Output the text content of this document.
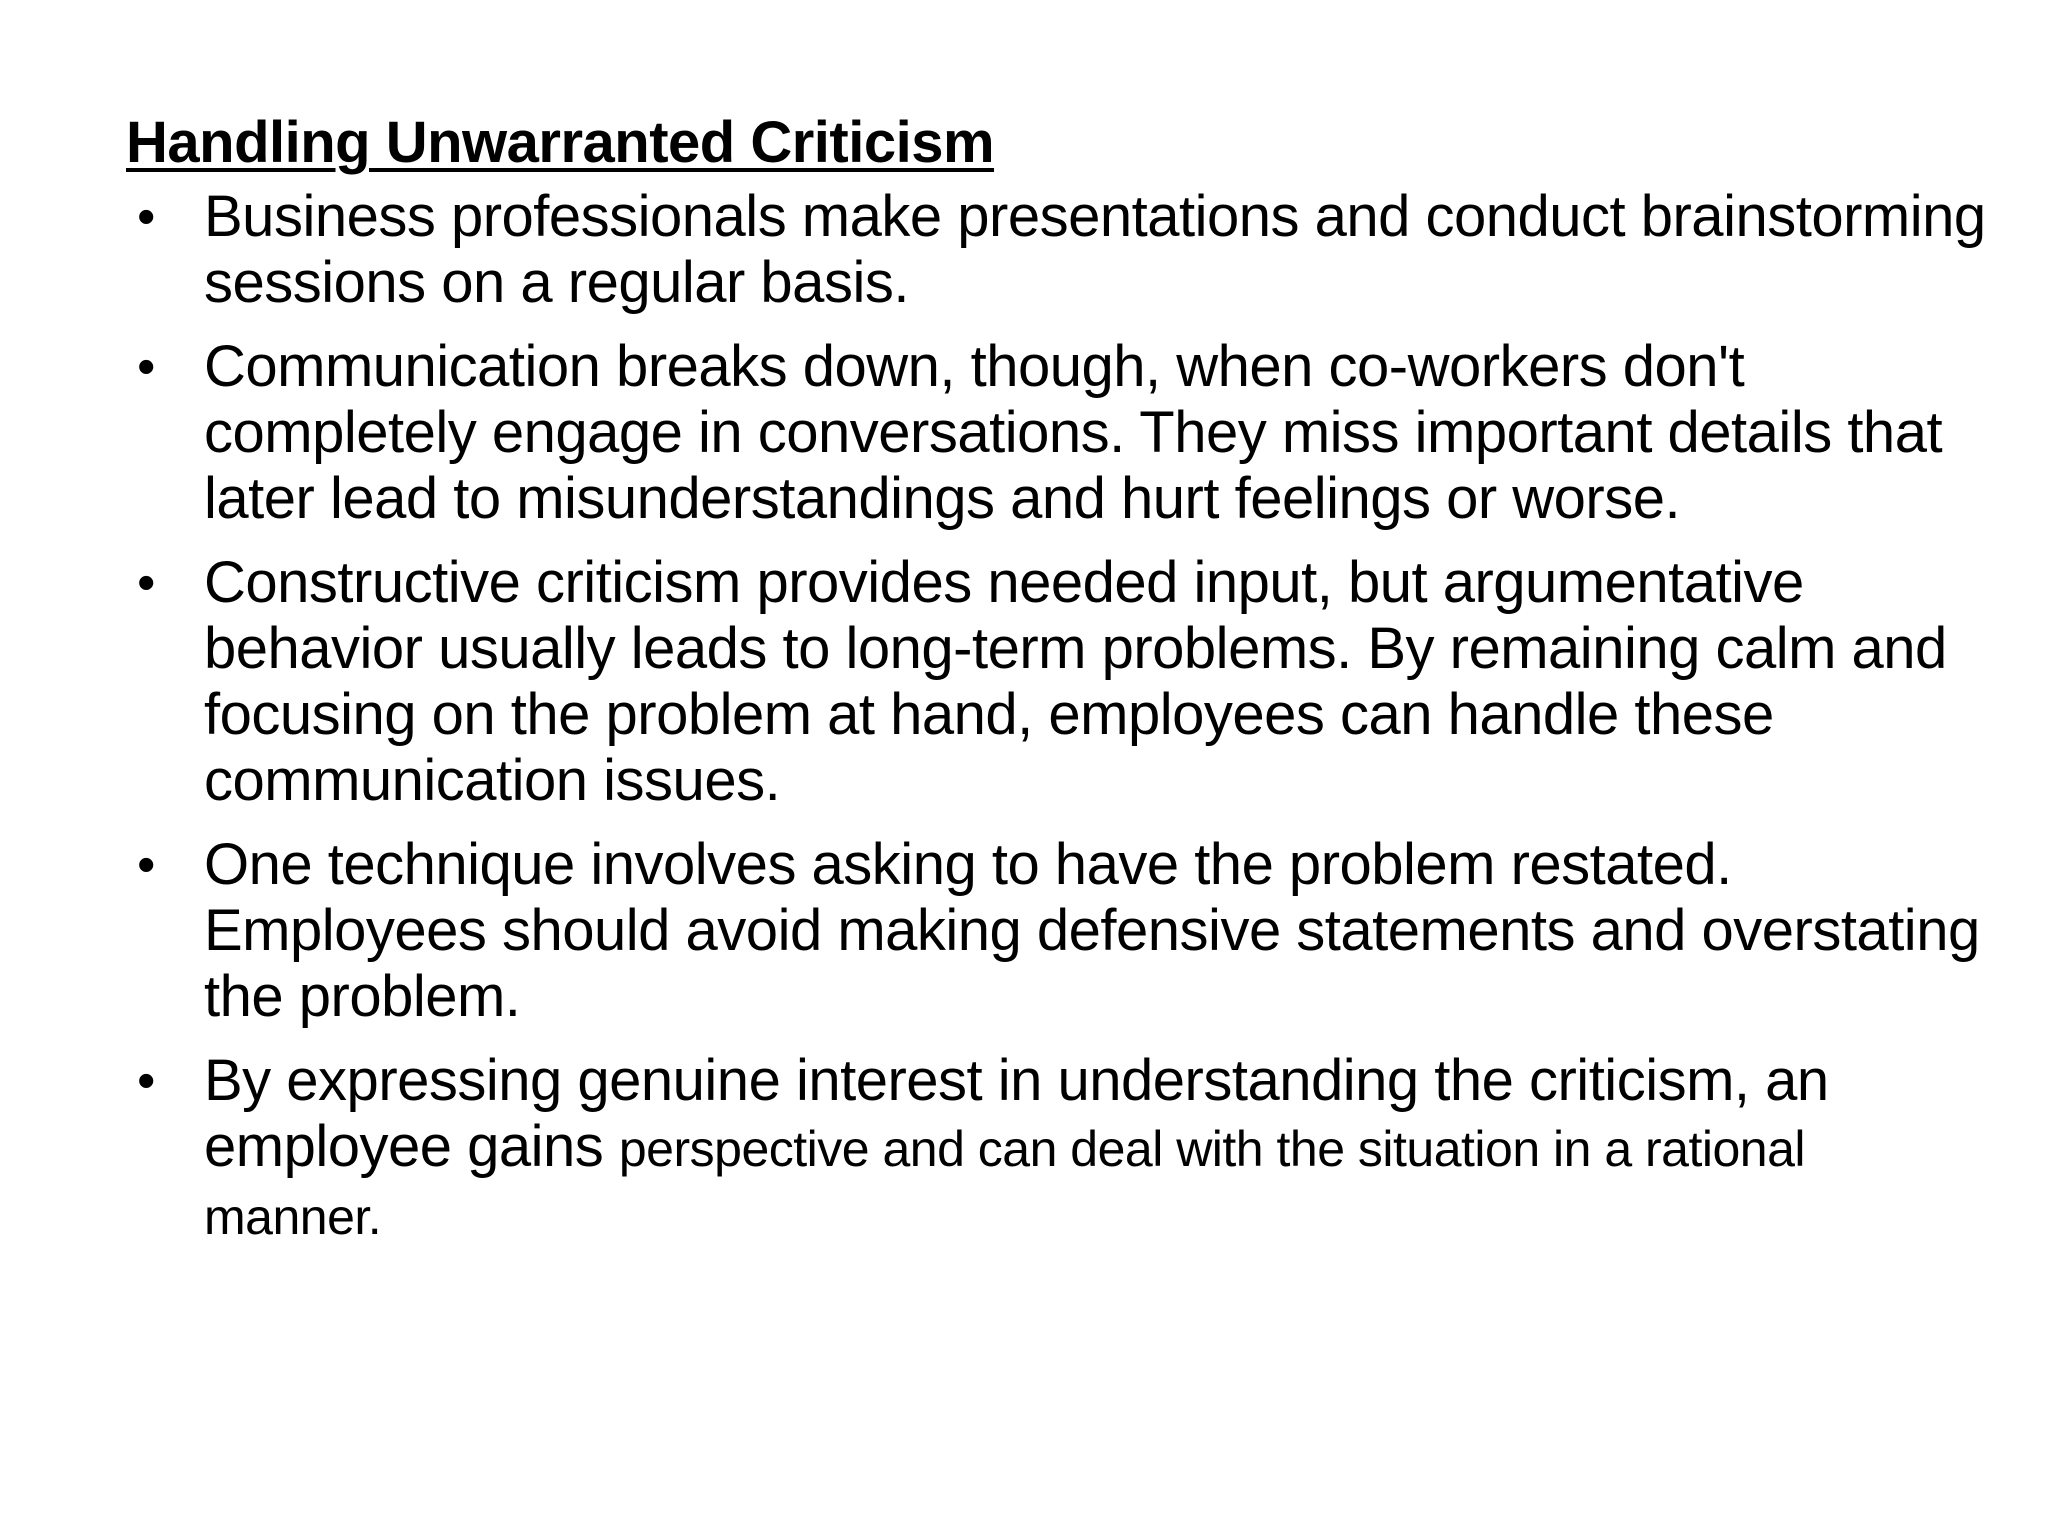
Handling Unwarranted Criticism
• Business professionals make presentations and conduct brainstorming sessions on a regular basis.
• Communication breaks down, though, when co-workers don't completely engage in conversations. They miss important details that later lead to misunderstandings and hurt feelings or worse.
• Constructive criticism provides needed input, but argumentative behavior usually leads to long-term problems. By remaining calm and focusing on the problem at hand, employees can handle these communication issues.
• One technique involves asking to have the problem restated. Employees should avoid making defensive statements and overstating the problem.
• By expressing genuine interest in understanding the criticism, an employee gains perspective and can deal with the situation in a rational manner.
